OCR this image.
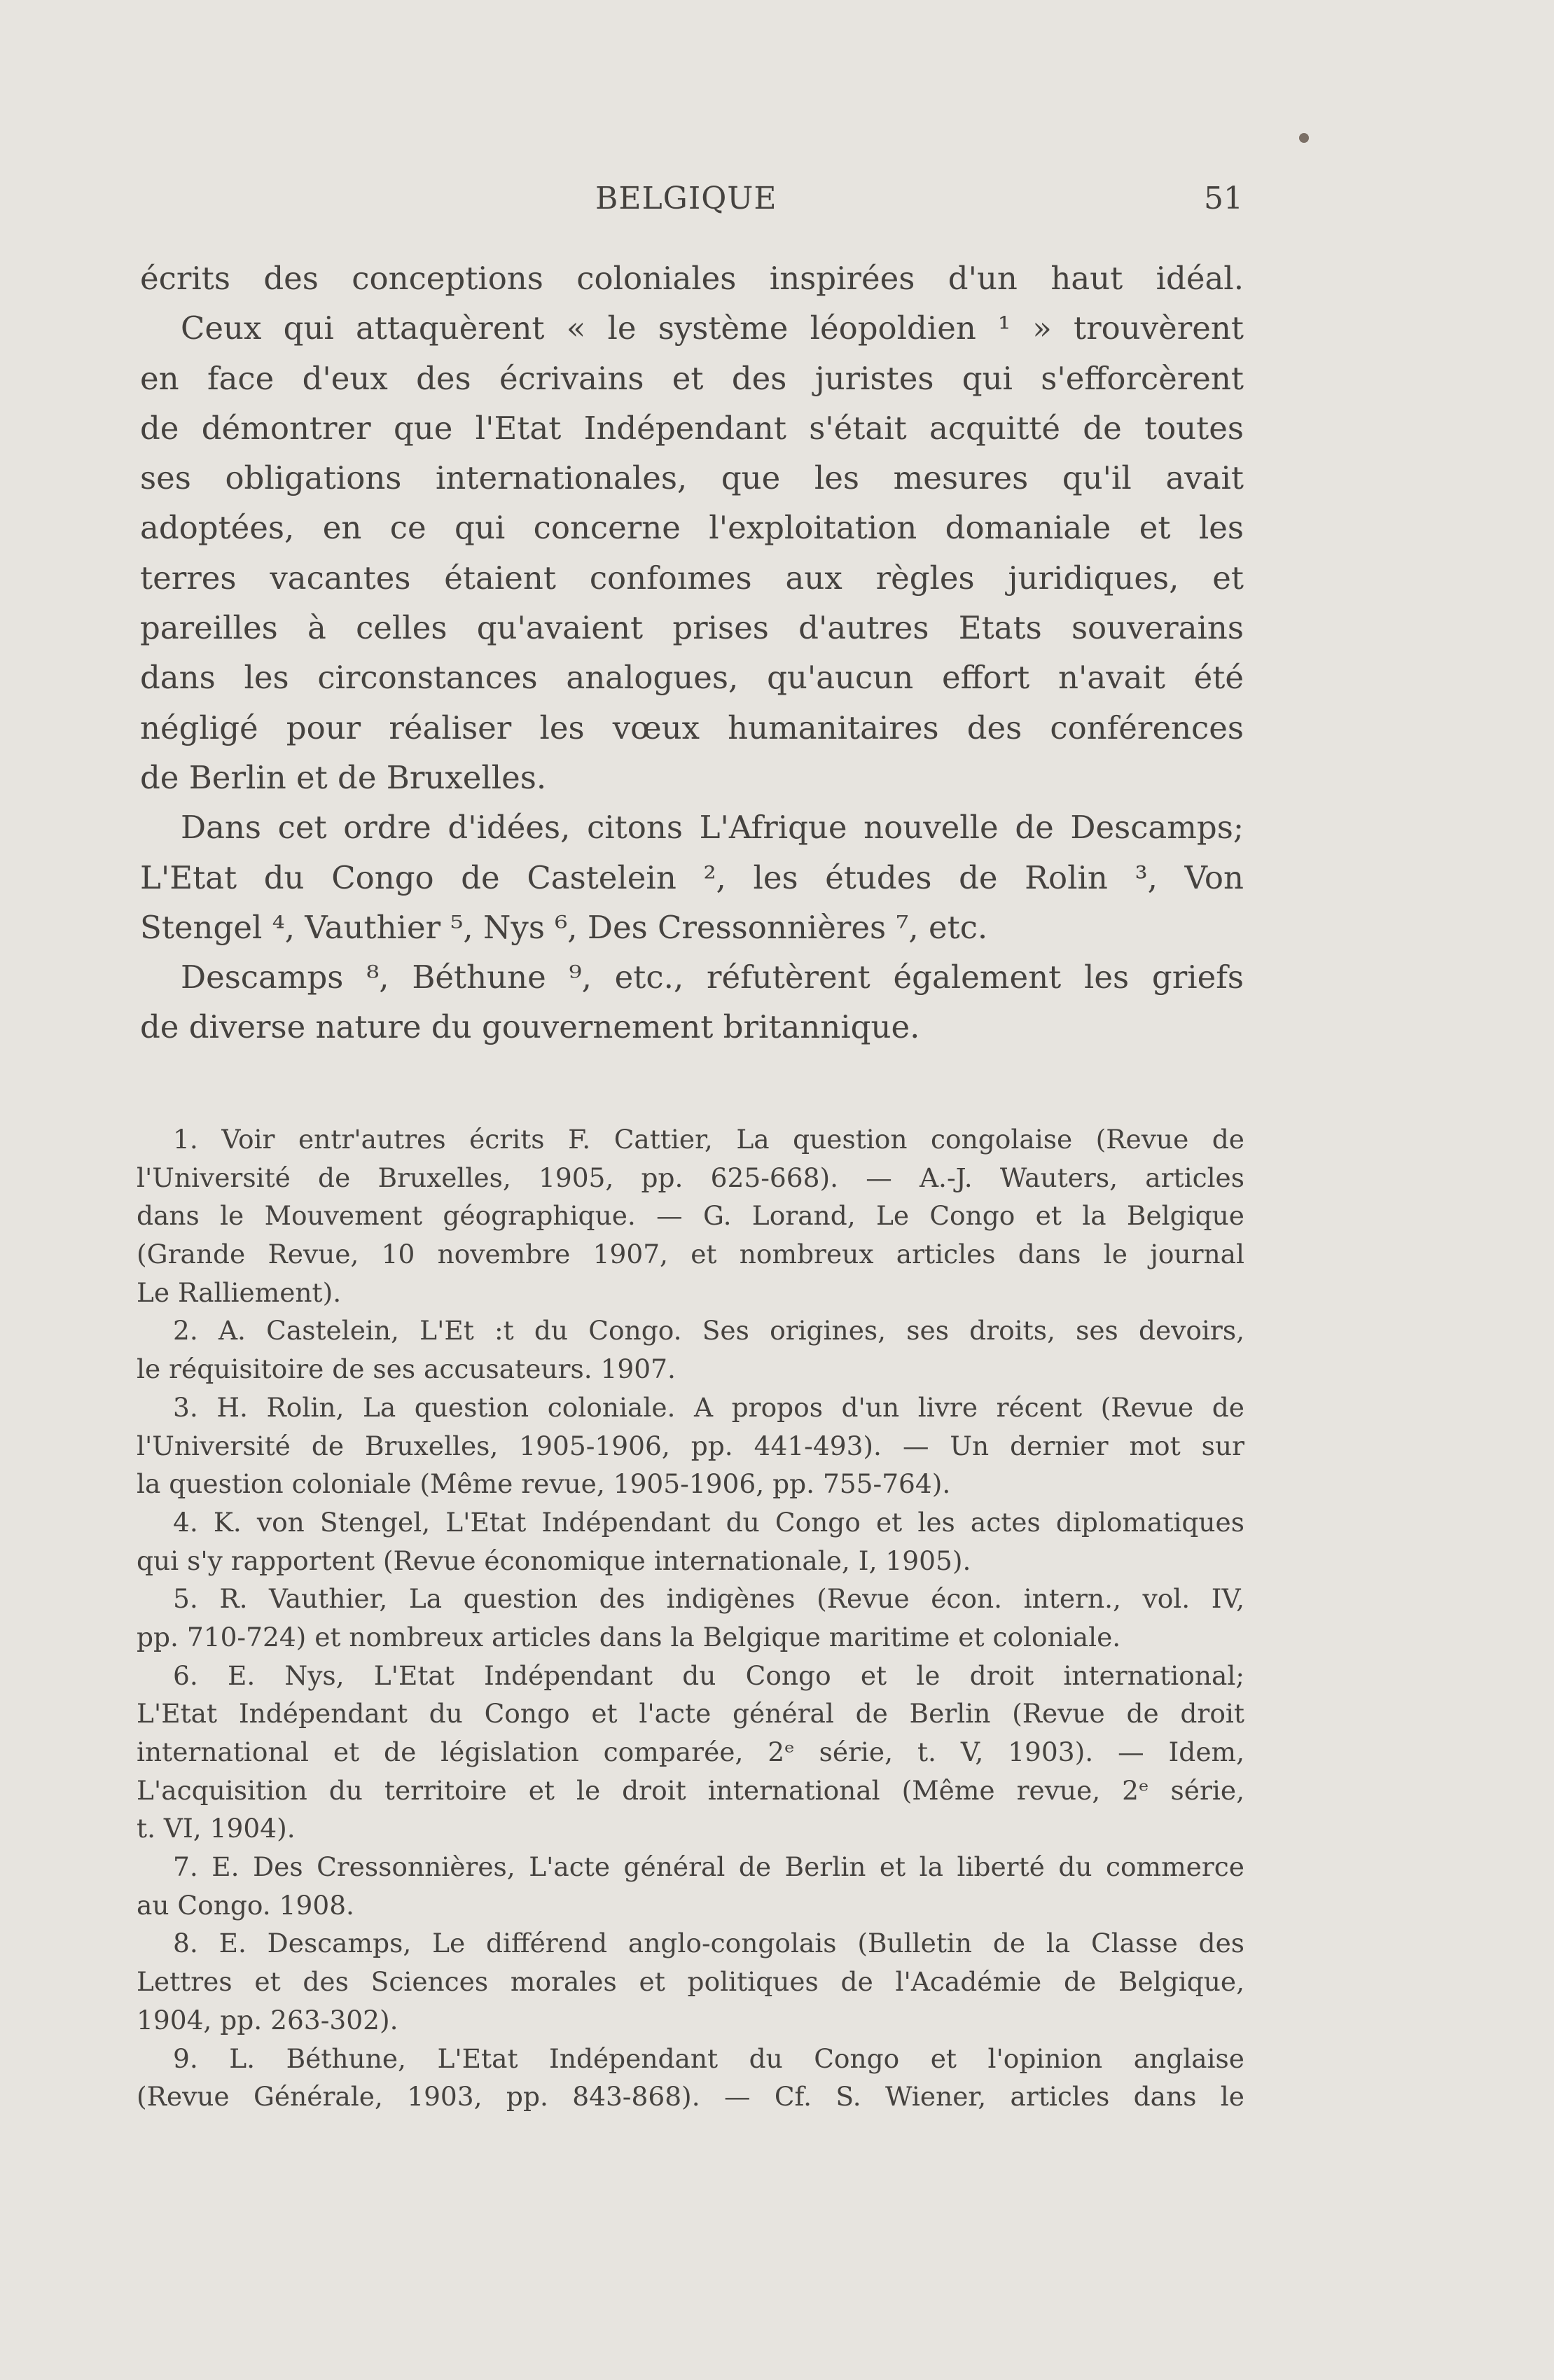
BELGIQUE	51
écrits des conceptions coloniales inspirées d'un haut idéal.
Ceux qui attaquèrent « le système léopoldien ¹ » trouvèrent
en face d'eux des écrivains et des juristes qui s'efforcèrent
de démontrer que l'Etat Indépendant s'était acquitté de toutes
ses obligations internationales, que les mesures qu'il avait
adoptées, en ce qui concerne l'exploitation domaniale et les
terres vacantes étaient confoımes aux règles juridiques, et
pareilles à celles qu'avaient prises d'autres Etats souverains
dans les circonstances analogues, qu'aucun effort n'avait été
négligé pour réaliser les vœux humanitaires des conférences
de Berlin et de Bruxelles.
Dans cet ordre d'idées, citons L'Afrique nouvelle de Descamps;
L'Etat du Congo de Castelein ², les études de Rolin ³, Von
Stengel ⁴, Vauthier ⁵, Nys ⁶, Des Cressonnières ⁷, etc.
Descamps ⁸, Béthune ⁹, etc., réfutèrent également les griefs
de diverse nature du gouvernement britannique.
1. Voir entr'autres écrits F. Cattier, La question congolaise (Revue de
l'Université de Bruxelles, 1905, pp. 625-668). — A.-J. Wauters, articles
dans le Mouvement géographique. — G. Lorand, Le Congo et la Belgique
(Grande Revue, 10 novembre 1907, et nombreux articles dans le journal
Le Ralliement).
2. A. Castelein, L'Et :t du Congo. Ses origines, ses droits, ses devoirs,
le réquisitoire de ses accusateurs. 1907.
3. H. Rolin, La question coloniale. A propos d'un livre récent (Revue de
l'Université de Bruxelles, 1905-1906, pp. 441-493). — Un dernier mot sur
la question coloniale (Même revue, 1905-1906, pp. 755-764).
4. K. von Stengel, L'Etat Indépendant du Congo et les actes diplomatiques
qui s'y rapportent (Revue économique internationale, I, 1905).
5. R. Vauthier, La question des indigènes (Revue écon. intern., vol. IV,
pp. 710-724) et nombreux articles dans la Belgique maritime et coloniale.
6. E. Nys, L'Etat Indépendant du Congo et le droit international;
L'Etat Indépendant du Congo et l'acte général de Berlin (Revue de droit
international et de législation comparée, 2ᵉ série, t. V, 1903). — Idem,
L'acquisition du territoire et le droit international (Même revue, 2ᵉ série,
t. VI, 1904).
7. E. Des Cressonnières, L'acte général de Berlin et la liberté du commerce
au Congo. 1908.
8. E. Descamps, Le différend anglo-congolais (Bulletin de la Classe des
Lettres et des Sciences morales et politiques de l'Académie de Belgique,
1904, pp. 263-302).
9. L. Béthune, L'Etat Indépendant du Congo et l'opinion anglaise
(Revue Générale, 1903, pp. 843-868). — Cf. S. Wiener, articles dans le
